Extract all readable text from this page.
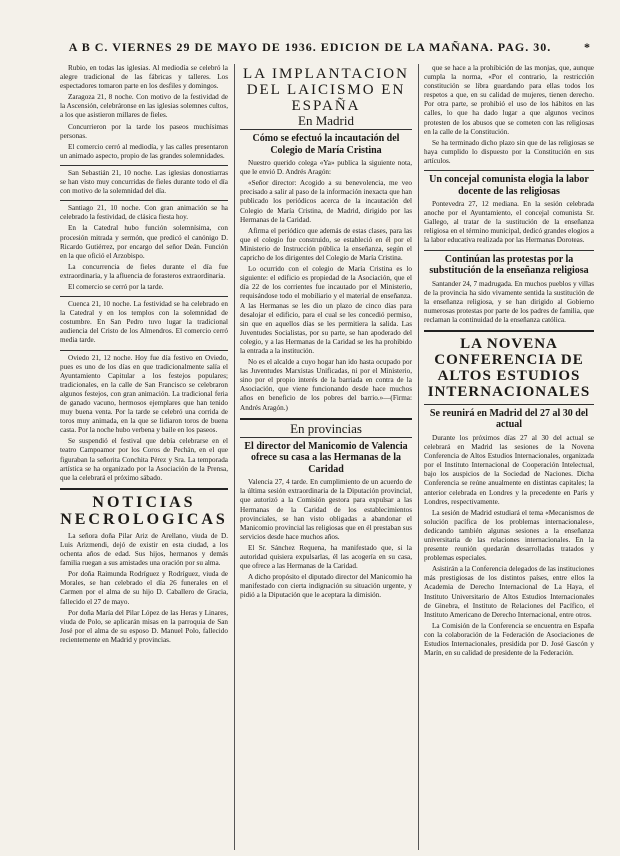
A B C. VIERNES 29 DE MAYO DE 1936. EDICION DE LA MAÑANA. PAG. 30.	*

Rubio, en todas las iglesias. Al mediodía se celebró la alegre tradicional de las fábricas y talleres. Los espectadores tomaron parte en los desfiles y domingos.

Zaragoza 21, 8 noche. Con motivo de la festividad de la Ascensión, celebráronse en las iglesias solemnes cultos, a los que asistieron millares de fieles.

Concurrieron por la tarde los paseos muchísimas personas.

El comercio cerró al mediodía, y las calles presentaron un animado aspecto, propio de las grandes solemnidades.

San Sebastián 21, 10 noche. Las iglesias donostiarras se han visto muy concurridas de fieles durante todo el día con motivo de la solemnidad del día.

Santiago 21, 10 noche. Con gran animación se ha celebrado la festividad, de clásica fiesta hoy.

En la Catedral hubo función solemnísima, con procesión mitrada y sermón, que predicó el canónigo D. Ricardo Gutiérrez, por encargo del señor Deán. Función en la que ofició el Arzobispo.

La concurrencia de fieles durante el día fue extraordinaria, y la afluencia de forasteros extraordinaria.

El comercio se cerró por la tarde.

Cuenca 21, 10 noche. La festividad se ha celebrado en la Catedral y en los templos con la solemnidad de costumbre. En San Pedro tuvo lugar la tradicional audiencia del Cristo de los Almendros. El comercio cerró media tarde.

Oviedo 21, 12 noche. Hoy fue día festivo en Oviedo, pues es uno de los días en que tradicionalmente salía el Ayuntamiento Capitular a los festejos populares; tradicionales, en la calle de San Francisco se celebraron algunos festejos, con gran animación. La tradicional feria de ganado vacuno, hermosos ejemplares que han tenido muy buena venta. Por la tarde se celebró una corrida de toros muy animada, en la que se lidiaron toros de buena casta. Por la noche hubo verbena y baile en los paseos.

Se suspendió el festival que debía celebrarse en el teatro Campoamor por los Coros de Pechán, en el que figuraban la señorita Conchita Pérez y Sra. La temporada artística se ha organizado por la Asociación de la Prensa, que la celebrará el próximo sábado.

NOTICIAS NECROLOGICAS

La señora doña Pilar Ariz de Arellano, viuda de D. Luis Arizmendi, dejó de existir en esta ciudad, a los ochenta años de edad. Sus hijos, hermanos y demás familia ruegan a sus amistades una oración por su alma.

Por doña Raimunda Rodríguez y Rodríguez, viuda de Morales, se han celebrado el día 26 funerales en el Carmen por el alma de su hijo D. Caballero de Gracia, fallecido el 27 de mayo.

Por doña María del Pilar López de las Heras y Linares, viuda de Polo, se aplicarán misas en la parroquia de San José por el alma de su esposo D. Manuel Polo, fallecido recientemente en Madrid y provincias.

LA IMPLANTACION DEL LAICISMO EN ESPAÑA
En Madrid
Cómo se efectuó la incautación del Colegio de María Cristina

Nuestro querido colega «Ya» publica la siguiente nota, que le envió D. Andrés Aragón:

«Señor director: Acogido a su benevolencia, me veo precisado a salir al paso de la información inexacta que han publicado los periódicos acerca de la incautación del Colegio de María Cristina, de Madrid, dirigido por las Hermanas de la Caridad.

Afirma el periódico que además de estas clases, para las que el colegio fue construido, se estableció en él por el Ministerio de Instrucción pública la enseñanza, según el capricho de los dirigentes del Colegio de María Cristina.

Lo ocurrido con el colegio de María Cristina es lo siguiente: el edificio es propiedad de la Asociación, que el día 22 de los corrientes fue incautado por el Ministerio, requisándose todo el mobiliario y el material de enseñanza. A las Hermanas se les dio un plazo de cinco días para desalojar el edificio, para el cual se les concedió permiso, sin que en aquellos días se les permitiera la salida. Las Juventudes Socialistas, por su parte, se han apoderado del colegio, y a las Hermanas de la Caridad se les ha prohibido la entrada a la institución.

No es el alcalde a cuyo hogar han ido hasta ocupado por las Juventudes Marxistas Unificadas, ni por el Ministerio, sino por el propio interés de la barriada en contra de la Asociación, que viene funcionando desde hace muchos años en beneficio de los pobres del barrio.»—(Firma: Andrés Aragón.)

En provincias
El director del Manicomio de Valencia ofrece su casa a las Hermanas de la Caridad

Valencia 27, 4 tarde. En cumplimiento de un acuerdo de la última sesión extraordinaria de la Diputación provincial, que autorizó a la Comisión gestora para expulsar a las Hermanas de la Caridad de los establecimientos provinciales, se han visto obligadas a abandonar el Manicomio provincial las religiosas que en él prestaban sus servicios desde hace muchos años.

El Sr. Sánchez Requena, ha manifestado que, si la autoridad quisiera expulsarlas, él las acogería en su casa, que ofrece a las Hermanas de la Caridad.

A dicho propósito el diputado director del Manicomio ha manifestado con cierta indignación su situación urgente, y pidió a la Diputación que le aceptara la dimisión.

que se hace a la prohibición de las monjas, que, aunque cumpla la norma, «Por el contrario, la restricción constitución se libra guardando para ellas todos los respetos a que, en su calidad de mujeres, tienen derecho. Por otra parte, se prohibió el uso de los hábitos en las calles, lo que ha dado lugar a que algunos vecinos protesten de los abusos que se cometen con las religiosas en la calle de la Constitución.

Se ha terminado dicho plazo sin que de las religiosas se haya cumplido lo dispuesto por la Constitución en sus artículos.

Un concejal comunista elogia la labor docente de las religiosas

Pontevedra 27, 12 mediana. En la sesión celebrada anoche por el Ayuntamiento, el concejal comunista Sr. Gallego, al tratar de la sustitución de la enseñanza religiosa en el término municipal, dedicó grandes elogios a la labor educativa realizada por las Hermanas Doroteas.

Continúan las protestas por la substitución de la enseñanza religiosa

Santander 24, 7 madrugada. En muchos pueblos y villas de la provincia ha sido vivamente sentida la sustitución de la enseñanza religiosa, y se han dirigido al Gobierno numerosas protestas por parte de los padres de familia, que reclaman la continuidad de la enseñanza católica.

LA NOVENA CONFERENCIA DE ALTOS ESTUDIOS INTERNACIONALES
Se reunirá en Madrid del 27 al 30 del actual

Durante los próximos días 27 al 30 del actual se celebrará en Madrid las sesiones de la Novena Conferencia de Altos Estudios Internacionales, organizada por el Instituto Internacional de Cooperación Intelectual, bajo los auspicios de la Sociedad de Naciones. Dicha Conferencia se reúne anualmente en distintas capitales; la anterior celebrada en Londres y la precedente en París y Londres, respectivamente.

La sesión de Madrid estudiará el tema «Mecanismos de solución pacífica de los problemas internacionales», dedicando también algunas sesiones a la enseñanza universitaria de las relaciones internacionales. En la presente reunión quedarán desarrolladas tratados y problemas especiales.

Asistirán a la Conferencia delegados de las instituciones más prestigiosas de los distintos países, entre ellos la Academia de Derecho Internacional de La Haya, el Instituto Universitario de Altos Estudios Internacionales de Ginebra, el Instituto de Relaciones del Pacífico, el Instituto Americano de Derecho Internacional, entre otros.

La Comisión de la Conferencia se encuentra en España con la colaboración de la Federación de Asociaciones de Estudios Internacionales, presidida por D. José Gascón y Marín, en su calidad de presidente de la Federación.
